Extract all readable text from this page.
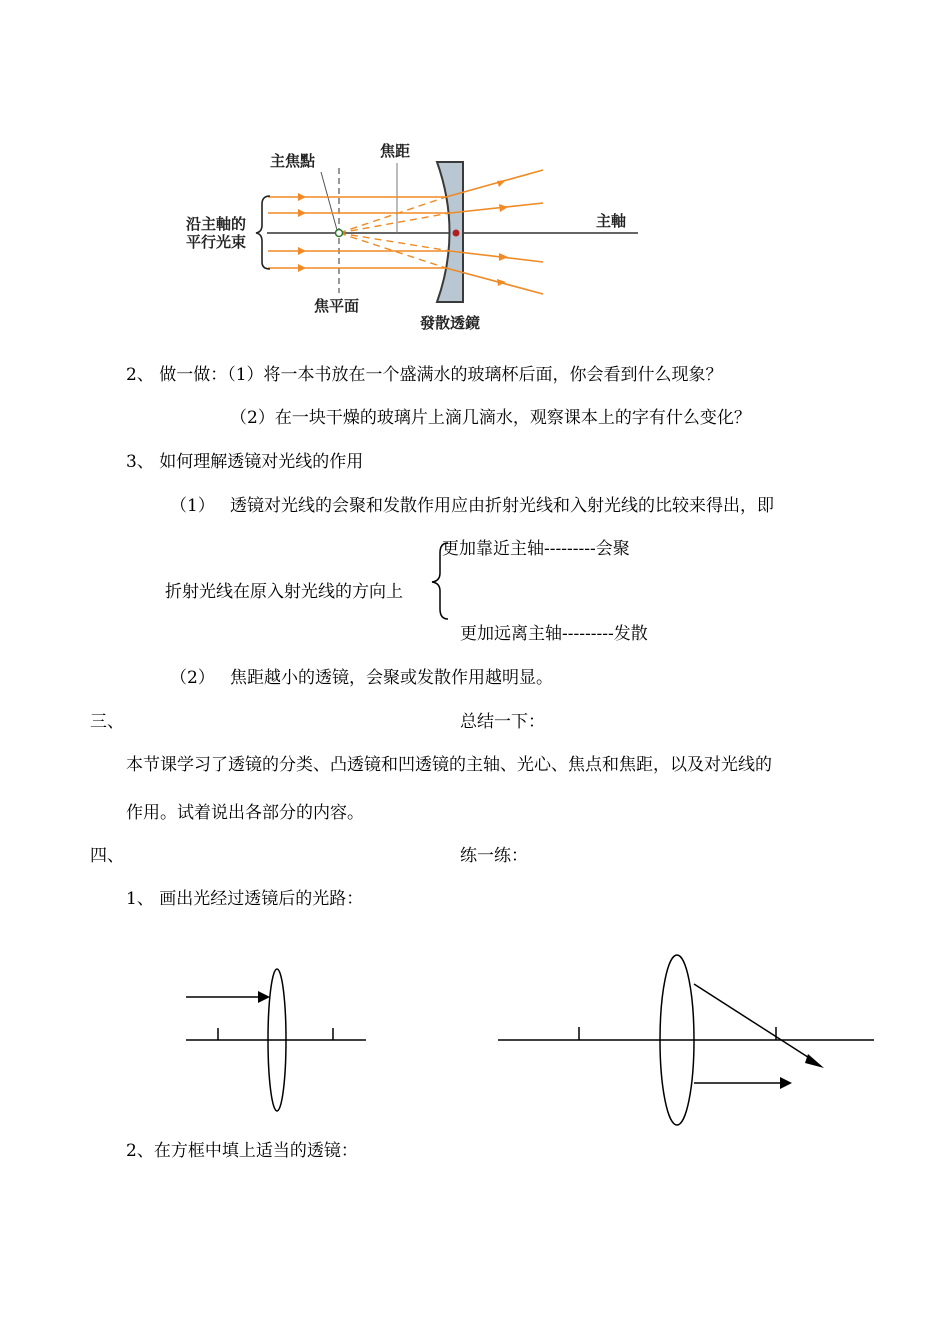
主焦點
焦距
沿主軸的
平行光束
主軸
焦平面
發散透鏡
2、 做一做：（1）将一本书放在一个盛满水的玻璃杯后面，你会看到什么现象？
（2）在一块干燥的玻璃片上滴几滴水，观察课本上的字有什么变化？
3、 如何理解透镜对光线的作用
（1） 透镜对光线的会聚和发散作用应由折射光线和入射光线的比较来得出，即
更加靠近主轴---------会聚
折射光线在原入射光线的方向上
更加远离主轴---------发散
（2） 焦距越小的透镜，会聚或发散作用越明显。
三、	总结一下：
本节课学习了透镜的分类、凸透镜和凹透镜的主轴、光心、焦点和焦距，以及对光线的
作用。试着说出各部分的内容。
四、	练一练：
1、 画出光经过透镜后的光路：
2、在方框中填上适当的透镜：
